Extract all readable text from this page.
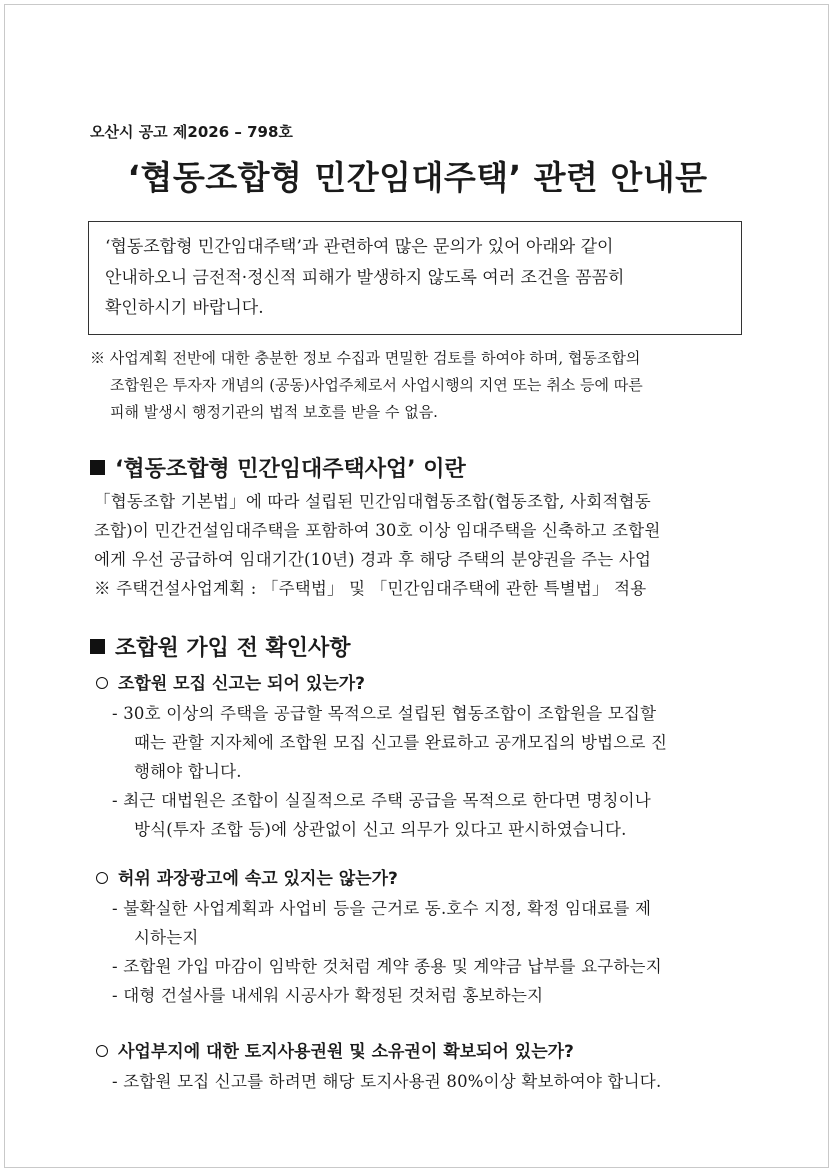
오산시 공고 제2026 – 798호
‘협동조합형 민간임대주택’ 관련 안내문
‘협동조합형 민간임대주택’과 관련하여 많은 문의가 있어 아래와 같이
안내하오니 금전적·정신적 피해가 발생하지 않도록 여러 조건을 꼼꼼히
확인하시기 바랍니다.
※ 사업계획 전반에 대한 충분한 정보 수집과 면밀한 검토를 하여야 하며, 협동조합의
조합원은 투자자 개념의 (공동)사업주체로서 사업시행의 지연 또는 취소 등에 따른
피해 발생시 행정기관의 법적 보호를 받을 수 없음.
‘협동조합형 민간임대주택사업’ 이란
「협동조합 기본법」에 따라 설립된 민간임대협동조합(협동조합, 사회적협동
조합)이 민간건설임대주택을 포함하여 30호 이상 임대주택을 신축하고 조합원
에게 우선 공급하여 임대기간(10년) 경과 후 해당 주택의 분양권을 주는 사업
※ 주택건설사업계획 : 「주택법」 및 「민간임대주택에 관한 특별법」 적용
조합원 가입 전 확인사항
조합원 모집 신고는 되어 있는가?
- 30호 이상의 주택을 공급할 목적으로 설립된 협동조합이 조합원을 모집할
때는 관할 지자체에 조합원 모집 신고를 완료하고 공개모집의 방법으로 진
행해야 합니다.
- 최근 대법원은 조합이 실질적으로 주택 공급을 목적으로 한다면 명칭이나
방식(투자 조합 등)에 상관없이 신고 의무가 있다고 판시하였습니다.
허위 과장광고에 속고 있지는 않는가?
- 불확실한 사업계획과 사업비 등을 근거로 동.호수 지정, 확정 임대료를 제
시하는지
- 조합원 가입 마감이 임박한 것처럼 계약 종용 및 계약금 납부를 요구하는지
- 대형 건설사를 내세워 시공사가 확정된 것처럼 홍보하는지
사업부지에 대한 토지사용권원 및 소유권이 확보되어 있는가?
- 조합원 모집 신고를 하려면 해당 토지사용권 80%이상 확보하여야 합니다.
